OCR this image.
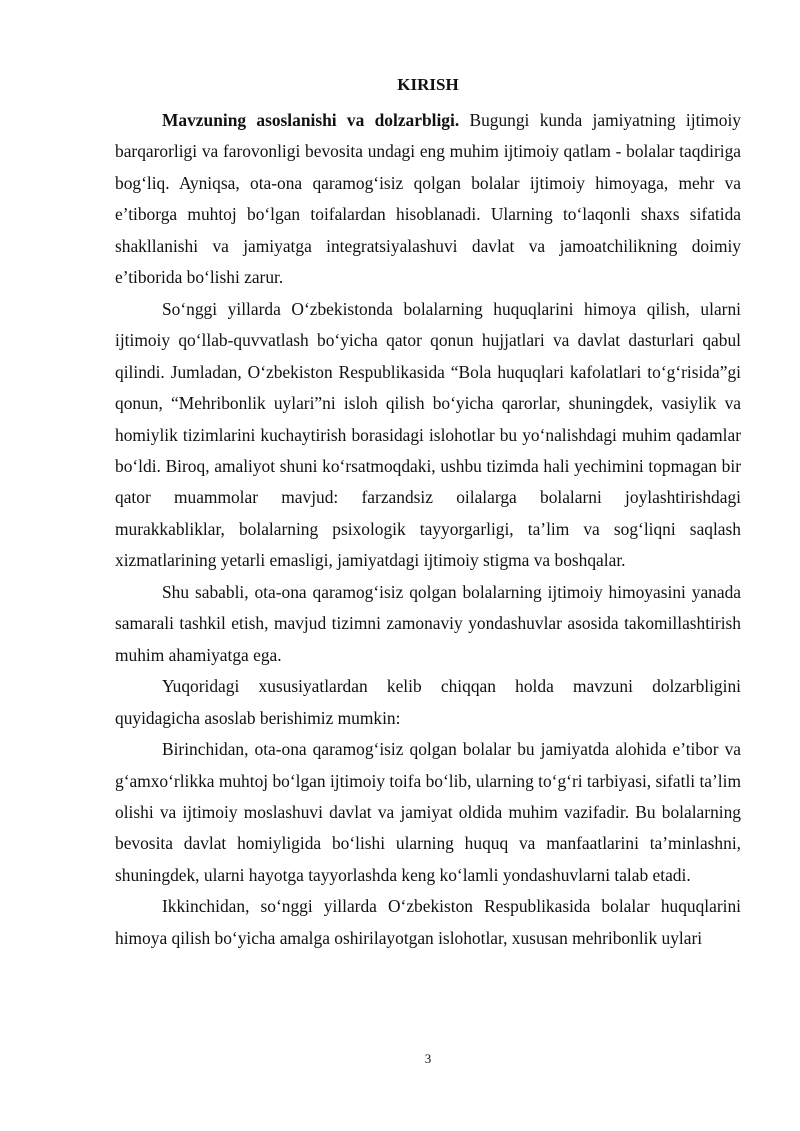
KIRISH

Mavzuning asoslanishi va dolzarbligi. Bugungi kunda jamiyatning ijtimoiy barqarorligi va farovonligi bevosita undagi eng muhim ijtimoiy qatlam - bolalar taqdiriga bog‘liq. Ayniqsa, ota-ona qaramog‘isiz qolgan bolalar ijtimoiy himoyaga, mehr va e’tiborga muhtoj bo‘lgan toifalardan hisoblanadi. Ularning to‘laqonli shaxs sifatida shakllanishi va jamiyatga integratsiyalashuvi davlat va jamoatchilikning doimiy e’tiborida bo‘lishi zarur.

So‘nggi yillarda O‘zbekistonda bolalarning huquqlarini himoya qilish, ularni ijtimoiy qo‘llab-quvvatlash bo‘yicha qator qonun hujjatlari va davlat dasturlari qabul qilindi. Jumladan, O‘zbekiston Respublikasida “Bola huquqlari kafolatlari to‘g‘risida”gi qonun, “Mehribonlik uylari”ni isloh qilish bo‘yicha qarorlar, shuningdek, vasiylik va homiylik tizimlarini kuchaytirish borasidagi islohotlar bu yo‘nalishdagi muhim qadamlar bo‘ldi. Biroq, amaliyot shuni ko‘rsatmoqdaki, ushbu tizimda hali yechimini topmagan bir qator muammolar mavjud: farzandsiz oilalarga bolalarni joylashtirishdagi murakkabliklar, bolalarning psixologik tayyorgarligi, ta’lim va sog‘liqni saqlash xizmatlarining yetarli emasligi, jamiyatdagi ijtimoiy stigma va boshqalar.

Shu sababli, ota-ona qaramog‘isiz qolgan bolalarning ijtimoiy himoyasini yanada samarali tashkil etish, mavjud tizimni zamonaviy yondashuvlar asosida takomillashtirish muhim ahamiyatga ega.

Yuqoridagi xususiyatlardan kelib chiqqan holda mavzuni dolzarbligini quyidagicha asoslab berishimiz mumkin:

Birinchidan, ota-ona qaramog‘isiz qolgan bolalar bu jamiyatda alohida e’tibor va g‘amxo‘rlikka muhtoj bo‘lgan ijtimoiy toifa bo‘lib, ularning to‘g‘ri tarbiyasi, sifatli ta’lim olishi va ijtimoiy moslashuvi davlat va jamiyat oldida muhim vazifadir. Bu bolalarning bevosita davlat homiyligida bo‘lishi ularning huquq va manfaatlarini ta’minlashni, shuningdek, ularni hayotga tayyorlashda keng ko‘lamli yondashuvlarni talab etadi.

Ikkinchidan, so‘nggi yillarda O‘zbekiston Respublikasida bolalar huquqlarini himoya qilish bo‘yicha amalga oshirilayotgan islohotlar, xususan mehribonlik uylari

3
